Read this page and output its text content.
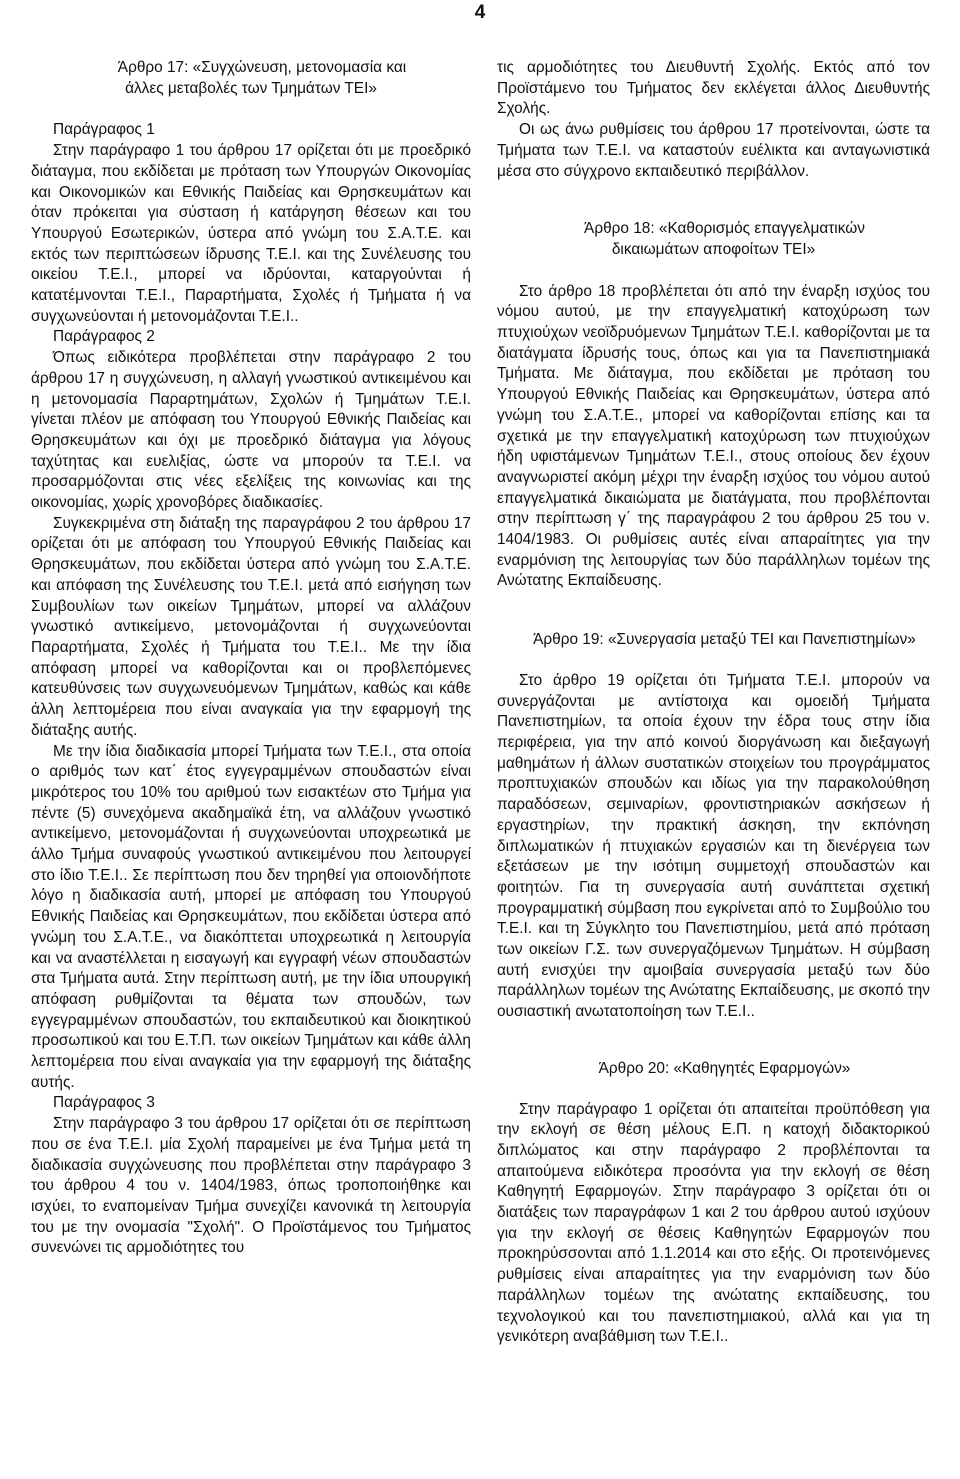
4

Άρθρο 17: «Συγχώνευση, μετονομασία και
άλλες μεταβολές των Τμημάτων ΤΕΙ»

Παράγραφος 1

Στην παράγραφο 1 του άρθρου 17 ορίζεται ότι με προεδρικό διάταγμα, που εκδίδεται με πρόταση των Υπουργών Οικονομίας και Οικονομικών και Εθνικής Παιδείας και Θρησκευμάτων και όταν πρόκειται για σύσταση ή κατάργηση θέσεων και του Υπουργού Εσωτερικών, ύστερα από γνώμη του Σ.Α.Τ.Ε. και εκτός των περιπτώσεων ίδρυσης Τ.Ε.Ι. και της Συνέλευσης του οικείου Τ.Ε.Ι., μπορεί να ιδρύονται, καταργούνται ή κατατέμνονται Τ.Ε.Ι., Παραρτήματα, Σχολές ή Τμήματα ή να συγχωνεύονται ή μετονομάζονται Τ.Ε.Ι..

Παράγραφος 2

Όπως ειδικότερα προβλέπεται στην παράγραφο 2 του άρθρου 17 η συγχώνευση, η αλλαγή γνωστικού αντικειμένου και η μετονομασία Παραρτημάτων, Σχολών ή Τμημάτων Τ.Ε.Ι. γίνεται πλέον με απόφαση του Υπουργού Εθνικής Παιδείας και Θρησκευμάτων και όχι με προεδρικό διάταγμα για λόγους ταχύτητας και ευελιξίας, ώστε να μπορούν τα Τ.Ε.Ι. να προσαρμόζονται στις νέες εξελίξεις της κοινωνίας και της οικονομίας, χωρίς χρονοβόρες διαδικασίες.

Συγκεκριμένα στη διάταξη της παραγράφου 2 του άρθρου 17 ορίζεται ότι με απόφαση του Υπουργού Εθνικής Παιδείας και Θρησκευμάτων, που εκδίδεται ύστερα από γνώμη του Σ.Α.Τ.Ε. και απόφαση της Συνέλευσης του Τ.Ε.Ι. μετά από εισήγηση των Συμβουλίων των οικείων Τμημάτων, μπορεί να αλλάζουν γνωστικό αντικείμενο, μετονομάζονται ή συγχωνεύονται Παραρτήματα, Σχολές ή Τμήματα του Τ.Ε.Ι.. Με την ίδια απόφαση μπορεί να καθορίζονται και οι προβλεπόμενες κατευθύνσεις των συγχωνευόμενων Τμημάτων, καθώς και κάθε άλλη λεπτομέρεια που είναι αναγκαία για την εφαρμογή της διάταξης αυτής.

Με την ίδια διαδικασία μπορεί Τμήματα των Τ.Ε.Ι., στα οποία ο αριθμός των κατ΄ έτος εγγεγραμμένων σπουδαστών είναι μικρότερος του 10% του αριθμού των εισακτέων στο Τμήμα για πέντε (5) συνεχόμενα ακαδημαϊκά έτη, να αλλάζουν γνωστικό αντικείμενο, μετονομάζονται ή συγχωνεύονται υποχρεωτικά με άλλο Τμήμα συναφούς γνωστικού αντικειμένου που λειτουργεί στο ίδιο Τ.Ε.Ι.. Σε περίπτωση που δεν τηρηθεί για οποιονδήποτε λόγο η διαδικασία αυτή, μπορεί με απόφαση του Υπουργού Εθνικής Παιδείας και Θρησκευμάτων, που εκδίδεται ύστερα από γνώμη του Σ.Α.Τ.Ε., να διακόπτεται υποχρεωτικά η λειτουργία και να αναστέλλεται η εισαγωγή και εγγραφή νέων σπουδαστών στα Τμήματα αυτά. Στην περίπτωση αυτή, με την ίδια υπουργική απόφαση ρυθμίζονται τα θέματα των σπουδών, των εγγεγραμμένων σπουδαστών, του εκπαιδευτικού και διοικητικού προσωπικού και του Ε.Τ.Π. των οικείων Τμημάτων και κάθε άλλη λεπτομέρεια που είναι αναγκαία για την εφαρμογή της διάταξης αυτής.

Παράγραφος 3

Στην παράγραφο 3 του άρθρου 17 ορίζεται ότι σε περίπτωση που σε ένα Τ.Ε.Ι. μία Σχολή παραμείνει με ένα Τμήμα μετά τη διαδικασία συγχώνευσης που προβλέπεται στην παράγραφο 3 του άρθρου 4 του ν. 1404/1983, όπως τροποποιήθηκε και ισχύει, το εναπομείναν Τμήμα συνεχίζει κανονικά τη λειτουργία του με την ονομασία "Σχολή". Ο Προϊστάμενος του Τμήματος συνενώνει τις αρμοδιότητες του

τις αρμοδιότητες του Διευθυντή Σχολής. Εκτός από τον Προϊστάμενο του Τμήματος δεν εκλέγεται άλλος Διευθυντής Σχολής.

Οι ως άνω ρυθμίσεις του άρθρου 17 προτείνονται, ώστε τα Τμήματα των Τ.Ε.Ι. να καταστούν ευέλικτα και ανταγωνιστικά μέσα στο σύγχρονο εκπαιδευτικό περιβάλλον.

Άρθρο 18: «Καθορισμός επαγγελματικών
δικαιωμάτων αποφοίτων ΤΕΙ»

Στο άρθρο 18 προβλέπεται ότι από την έναρξη ισχύος του νόμου αυτού, με την επαγγελματική κατοχύρωση των πτυχιούχων νεοϊδρυόμενων Τμημάτων Τ.Ε.Ι. καθορίζονται με τα διατάγματα ίδρυσής τους, όπως και για τα Πανεπιστημιακά Τμήματα. Με διάταγμα, που εκδίδεται με πρόταση του Υπουργού Εθνικής Παιδείας και Θρησκευμάτων, ύστερα από γνώμη του Σ.Α.Τ.Ε., μπορεί να καθορίζονται επίσης και τα σχετικά με την επαγγελματική κατοχύρωση των πτυχιούχων ήδη υφιστάμενων Τμημάτων Τ.Ε.Ι., στους οποίους δεν έχουν αναγνωριστεί ακόμη μέχρι την έναρξη ισχύος του νόμου αυτού επαγγελματικά δικαιώματα με διατάγματα, που προβλέπονται στην περίπτωση γ΄ της παραγράφου 2 του άρθρου 25 του ν. 1404/1983. Οι ρυθμίσεις αυτές είναι απαραίτητες για την εναρμόνιση της λειτουργίας των δύο παράλληλων τομέων της Ανώτατης Εκπαίδευσης.

Άρθρο 19: «Συνεργασία μεταξύ ΤΕΙ και Πανεπιστημίων»

Στο άρθρο 19 ορίζεται ότι Τμήματα Τ.Ε.Ι. μπορούν να συνεργάζονται με αντίστοιχα και ομοειδή Τμήματα Πανεπιστημίων, τα οποία έχουν την έδρα τους στην ίδια περιφέρεια, για την από κοινού διοργάνωση και διεξαγωγή μαθημάτων ή άλλων συστατικών στοιχείων του προγράμματος προπτυχιακών σπουδών και ιδίως για την παρακολούθηση παραδόσεων, σεμιναρίων, φροντιστηριακών ασκήσεων ή εργαστηρίων, την πρακτική άσκηση, την εκπόνηση διπλωματικών ή πτυχιακών εργασιών και τη διενέργεια των εξετάσεων με την ισότιμη συμμετοχή σπουδαστών και φοιτητών. Για τη συνεργασία αυτή συνάπτεται σχετική προγραμματική σύμβαση που εγκρίνεται από το Συμβούλιο του Τ.Ε.Ι. και τη Σύγκλητο του Πανεπιστημίου, μετά από πρόταση των οικείων Γ.Σ. των συνεργαζόμενων Τμημάτων. Η σύμβαση αυτή ενισχύει την αμοιβαία συνεργασία μεταξύ των δύο παράλληλων τομέων της Ανώτατης Εκπαίδευσης, με σκοπό την ουσιαστική ανωτατοποίηση των Τ.Ε.Ι..

Άρθρο 20: «Καθηγητές Εφαρμογών»

Στην παράγραφο 1 ορίζεται ότι απαιτείται προϋπόθεση για την εκλογή σε θέση μέλους Ε.Π. η κατοχή διδακτορικού διπλώματος και στην παράγραφο 2 προβλέπονται τα απαιτούμενα ειδικότερα προσόντα για την εκλογή σε θέση Καθηγητή Εφαρμογών. Στην παράγραφο 3 ορίζεται ότι οι διατάξεις των παραγράφων 1 και 2 του άρθρου αυτού ισχύουν για την εκλογή σε θέσεις Καθηγητών Εφαρμογών που προκηρύσσονται από 1.1.2014 και στο εξής. Οι προτεινόμενες ρυθμίσεις είναι απαραίτητες για την εναρμόνιση των δύο παράλληλων τομέων της ανώτατης εκπαίδευσης, του τεχνολογικού και του πανεπιστημιακού, αλλά και για τη γενικότερη αναβάθμιση των Τ.Ε.Ι..
